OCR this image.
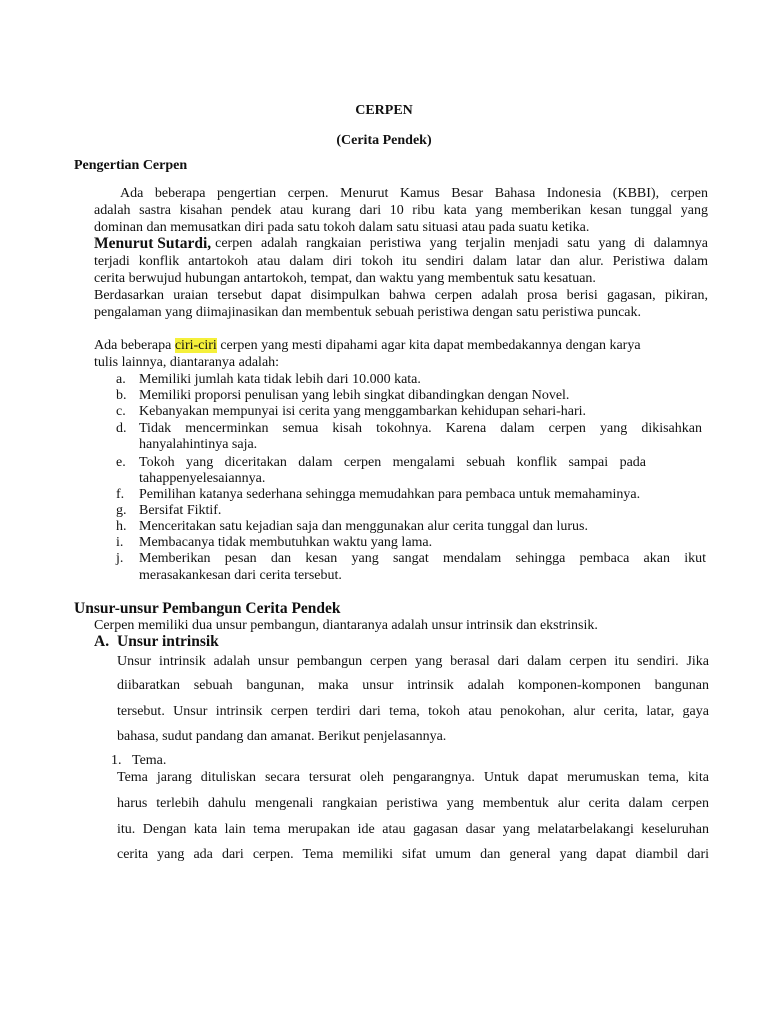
CERPEN
(Cerita Pendek)
Pengertian Cerpen
Ada beberapa pengertian cerpen. Menurut Kamus Besar Bahasa Indonesia (KBBI), cerpen
adalah sastra kisahan pendek atau kurang dari 10 ribu kata yang memberikan kesan tunggal yang
dominan dan memusatkan diri pada satu tokoh dalam satu situasi atau pada suatu ketika.
Menurut Sutardi, cerpen adalah rangkaian peristiwa yang terjalin menjadi satu yang di dalamnya
terjadi konflik antartokoh atau dalam diri tokoh itu sendiri dalam latar dan alur. Peristiwa dalam
cerita berwujud hubungan antartokoh, tempat, dan waktu yang membentuk satu kesatuan.
Berdasarkan uraian tersebut dapat disimpulkan bahwa cerpen adalah prosa berisi gagasan, pikiran,
pengalaman yang diimajinasikan dan membentuk sebuah peristiwa dengan satu peristiwa puncak.
Ada beberapa ciri-ciri cerpen yang mesti dipahami agar kita dapat membedakannya dengan karya
tulis lainnya, diantaranya adalah:
a. Memiliki jumlah kata tidak lebih dari 10.000 kata.
b. Memiliki proporsi penulisan yang lebih singkat dibandingkan dengan Novel.
c. Kebanyakan mempunyai isi cerita yang menggambarkan kehidupan sehari-hari.
d. Tidak mencerminkan semua kisah tokohnya. Karena dalam cerpen yang dikisahkan
hanyalahintinya saja.
e. Tokoh yang diceritakan dalam cerpen mengalami sebuah konflik sampai pada
tahappenyelesaiannya.
f. Pemilihan katanya sederhana sehingga memudahkan para pembaca untuk memahaminya.
g. Bersifat Fiktif.
h. Menceritakan satu kejadian saja dan menggunakan alur cerita tunggal dan lurus.
i. Membacanya tidak membutuhkan waktu yang lama.
j. Memberikan pesan dan kesan yang sangat mendalam sehingga pembaca akan ikut
merasakankesan dari cerita tersebut.
Unsur-unsur Pembangun Cerita Pendek
Cerpen memiliki dua unsur pembangun, diantaranya adalah unsur intrinsik dan ekstrinsik.
A. Unsur intrinsik
Unsur intrinsik adalah unsur pembangun cerpen yang berasal dari dalam cerpen itu sendiri. Jika
diibaratkan sebuah bangunan, maka unsur intrinsik adalah komponen-komponen bangunan
tersebut. Unsur intrinsik cerpen terdiri dari tema, tokoh atau penokohan, alur cerita, latar, gaya
bahasa, sudut pandang dan amanat. Berikut penjelasannya.
1. Tema.
Tema jarang dituliskan secara tersurat oleh pengarangnya. Untuk dapat merumuskan tema, kita
harus terlebih dahulu mengenali rangkaian peristiwa yang membentuk alur cerita dalam cerpen
itu. Dengan kata lain tema merupakan ide atau gagasan dasar yang melatarbelakangi keseluruhan
cerita yang ada dari cerpen. Tema memiliki sifat umum dan general yang dapat diambil dari
